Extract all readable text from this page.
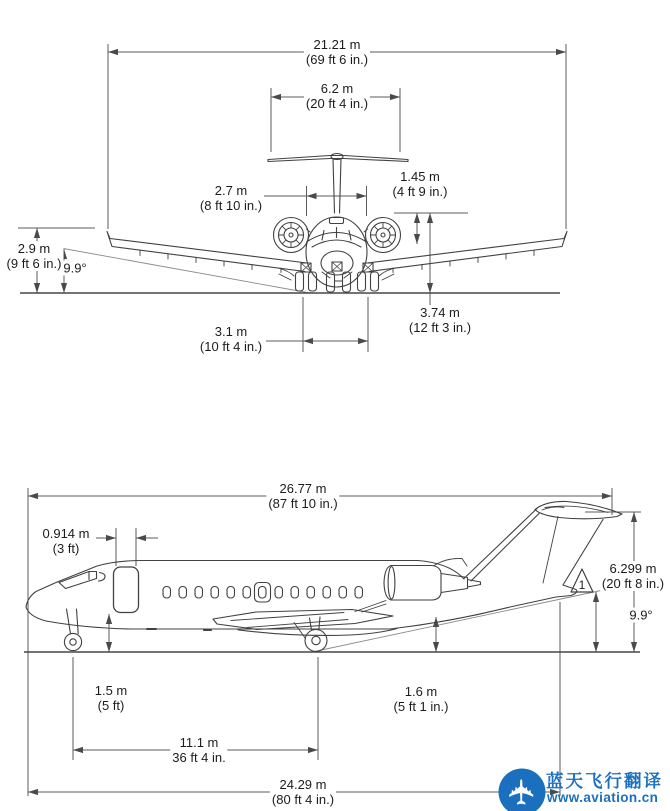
1
✈
21.21 m
(69 ft 6 in.)
6.2 m
(20 ft 4 in.)
2.7 m
(8 ft 10 in.)
1.45 m
(4 ft 9 in.)
2.9 m
(9 ft 6 in.) 9.9°
3.1 m
(10 ft 4 in.)
3.74 m
(12 ft 3 in.)
26.77 m
(87 ft 10 in.)
0.914 m
(3 ft)
6.299 m
(20 ft 8 in.)
9.9°
1.5 m
(5 ft)
1.6 m
(5 ft 1 in.)
11.1 m
36 ft 4 in.
24.29 m
(80 ft 4 in.)
蓝天飞行翻译
www.aviation.cn
